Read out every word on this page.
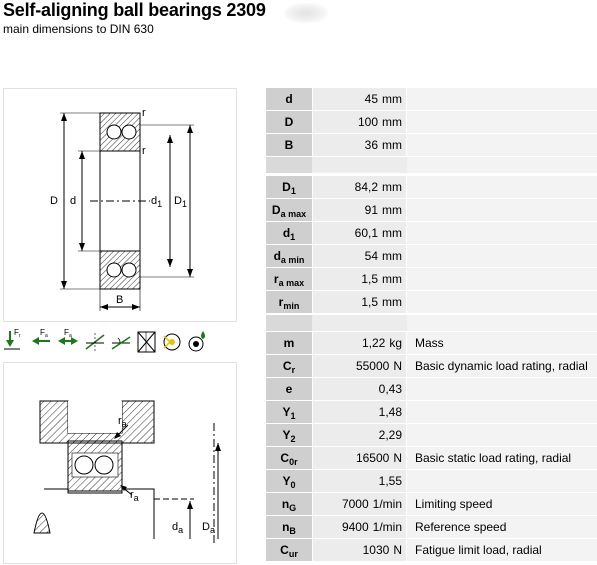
Self-aligning ball bearings 2309
main dimensions to DIN 630
D d	$d_1$ $D_1$
B
r
r
F r F a F a
$r_a$
$r_a$
$d_a$ $D_a$
d	45 mm
D	100 mm
B	36 mm
$D_1$	84,2 mm
$D_{a max}$	91 mm
$d_1$	60,1 mm
$d_{a min}$	54 mm
$r_{a max}$	1,5 mm
$r_{min}$	1,5 mm
m	1,22 kg	Mass
$C_r$	55000 N	Basic dynamic load rating, radial
e	0,43
$Y_1$	1,48
$Y_2$	2,29
$C_{0r}$	16500 N	Basic static load rating, radial
$Y_0$	1,55
$n_G$	7000 1/min	Limiting speed
$n_B$	9400 1/min	Reference speed
$C_{ur}$	1030 N	Fatigue limit load, radial
